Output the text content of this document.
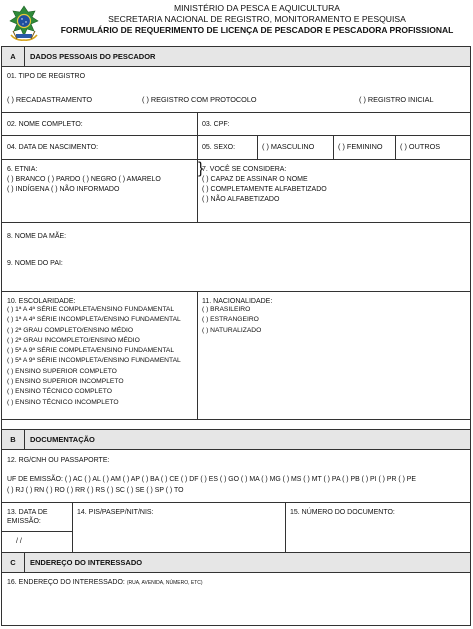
MINISTÉRIO DA PESCA E AQUICULTURA
SECRETARIA NACIONAL DE REGISTRO, MONITORAMENTO E PESQUISA
FORMULÁRIO DE REQUERIMENTO DE LICENÇA DE PESCADOR E PESCADORA PROFISSIONAL
A	DADOS PESSOAIS DO PESCADOR
01. TIPO DE REGISTRO
( ) RECADASTRAMENTO	( ) REGISTRO COM PROTOCOLO	( ) REGISTRO INICIAL
02. NOME COMPLETO:	03. CPF:
04. DATA DE NASCIMENTO:	05. SEXO:	( ) MASCULINO	( ) FEMININO ( ) OUTROS
6. ETNIA:
( ) BRANCO ( ) PARDO ( ) NEGRO ( ) AMARELO
( ) INDÍGENA ( ) NÃO INFORMADO
7. VOCÊ SE CONSIDERA:
( ) CAPAZ DE ASSINAR O NOME
( ) COMPLETAMENTE ALFABETIZADO
( ) NÃO ALFABETIZADO
}
8. NOME DA MÃE:
9. NOME DO PAI:
10. ESCOLARIDADE:
( ) 1ª A 4ª SÉRIE COMPLETA/ENSINO FUNDAMENTAL
( ) 1ª A 4ª SÉRIE INCOMPLETA/ENSINO FUNDAMENTAL
( ) 2ª GRAU COMPLETO/ENSINO MÉDIO
( ) 2ª GRAU INCOMPLETO/ENSINO MÉDIO
( ) 5ª A 9ª SÉRIE COMPLETA/ENSINO FUNDAMENTAL
( ) 5ª A 9ª SÉRIE INCOMPLETA/ENSINO FUNDAMENTAL
( ) ENSINO SUPERIOR COMPLETO
( ) ENSINO SUPERIOR INCOMPLETO
( ) ENSINO TÉCNICO COMPLETO
( ) ENSINO TÉCNICO INCOMPLETO
11. NACIONALIDADE:
( ) BRASILEIRO
( ) ESTRANGEIRO
( ) NATURALIZADO
B	DOCUMENTAÇÃO
12. RG/CNH OU PASSAPORTE:
UF DE EMISSÃO: ( ) AC ( ) AL ( ) AM ( ) AP ( ) BA ( ) CE ( ) DF ( ) ES ( ) GO ( ) MA ( ) MG ( ) MS ( ) MT ( ) PA ( ) PB ( ) PI ( ) PR ( ) PE
( ) RJ ( ) RN ( ) RO ( ) RR ( ) RS ( ) SC ( ) SE ( ) SP ( ) TO
13. DATA DE
EMISSÃO:
/ /
14. PIS/PASEP/NIT/NIS:	15. NÚMERO DO DOCUMENTO:
C	ENDEREÇO DO INTERESSADO
16. ENDEREÇO DO INTERESSADO: (RUA, AVENIDA, NÚMERO, ETC)
